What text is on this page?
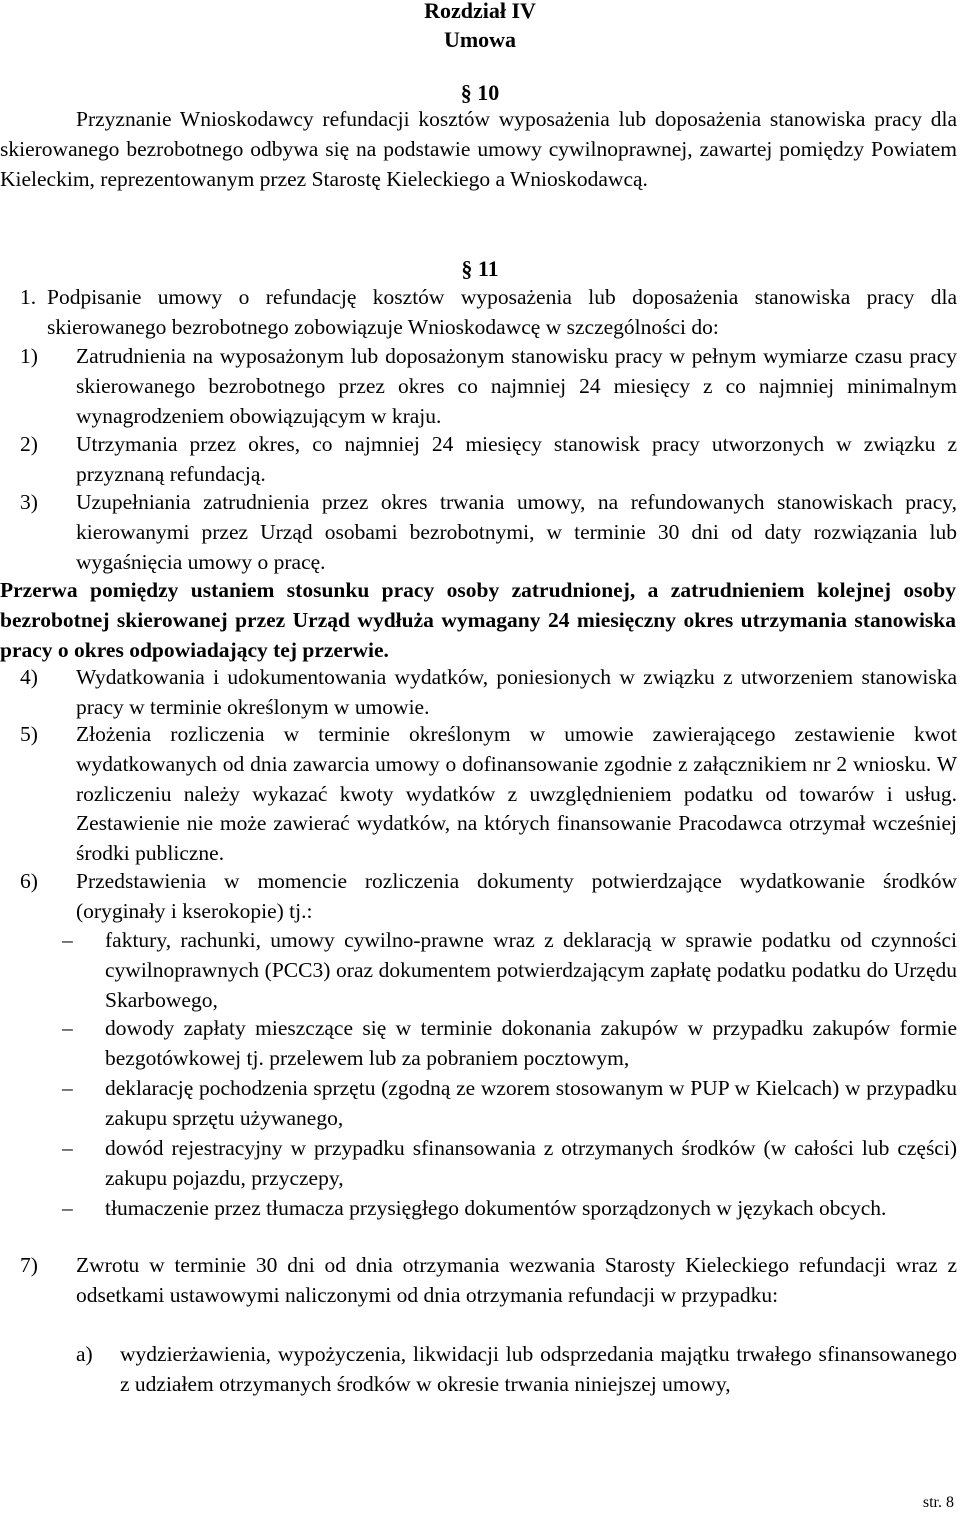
Rozdział IV
Umowa
§ 10
Przyznanie Wnioskodawcy refundacji kosztów wyposażenia lub doposażenia stanowiska pracy dla skierowanego bezrobotnego odbywa się na podstawie umowy cywilnoprawnej, zawartej pomiędzy Powiatem Kieleckim, reprezentowanym przez Starostę Kieleckiego a Wnioskodawcą.
§ 11
1. Podpisanie umowy o refundację kosztów wyposażenia lub doposażenia stanowiska pracy dla skierowanego bezrobotnego zobowiązuje Wnioskodawcę w szczególności do:
1) Zatrudnienia na wyposażonym lub doposażonym stanowisku pracy w pełnym wymiarze czasu pracy skierowanego bezrobotnego przez okres co najmniej 24 miesięcy z co najmniej minimalnym wynagrodzeniem obowiązującym w kraju.
2) Utrzymania przez okres, co najmniej 24 miesięcy stanowisk pracy utworzonych w związku z przyznaną refundacją.
3) Uzupełniania zatrudnienia przez okres trwania umowy, na refundowanych stanowiskach pracy, kierowanymi przez Urząd osobami bezrobotnymi, w terminie 30 dni od daty rozwiązania lub wygaśnięcia umowy o pracę.
Przerwa pomiędzy ustaniem stosunku pracy osoby zatrudnionej, a zatrudnieniem kolejnej osoby bezrobotnej skierowanej przez Urząd wydłuża wymagany 24 miesięczny okres utrzymania stanowiska pracy o okres odpowiadający tej przerwie.
4) Wydatkowania i udokumentowania wydatków, poniesionych w związku z utworzeniem stanowiska pracy w terminie określonym w umowie.
5) Złożenia rozliczenia w terminie określonym w umowie zawierającego zestawienie kwot wydatkowanych od dnia zawarcia umowy o dofinansowanie zgodnie z załącznikiem nr 2 wniosku. W rozliczeniu należy wykazać kwoty wydatków z uwzględnieniem podatku od towarów i usług. Zestawienie nie może zawierać wydatków, na których finansowanie Pracodawca otrzymał wcześniej środki publiczne.
6) Przedstawienia w momencie rozliczenia dokumenty potwierdzające wydatkowanie środków (oryginały i kserokopie) tj.:
– faktury, rachunki, umowy cywilno-prawne wraz z deklaracją w sprawie podatku od czynności cywilnoprawnych (PCC3) oraz dokumentem potwierdzającym zapłatę podatku podatku do Urzędu Skarbowego,
– dowody zapłaty mieszczące się w terminie dokonania zakupów w przypadku zakupów formie bezgotówkowej tj. przelewem lub za pobraniem pocztowym,
– deklarację pochodzenia sprzętu (zgodną ze wzorem stosowanym w PUP w Kielcach) w przypadku zakupu sprzętu używanego,
– dowód rejestracyjny w przypadku sfinansowania z otrzymanych środków (w całości lub części) zakupu pojazdu, przyczepy,
– tłumaczenie przez tłumacza przysięgłego dokumentów sporządzonych w językach obcych.
7) Zwrotu w terminie 30 dni od dnia otrzymania wezwania Starosty Kieleckiego refundacji wraz z odsetkami ustawowymi naliczonymi od dnia otrzymania refundacji w przypadku:
a) wydzierżawienia, wypożyczenia, likwidacji lub odsprzedania majątku trwałego sfinansowanego z udziałem otrzymanych środków w okresie trwania niniejszej umowy,
str. 8
